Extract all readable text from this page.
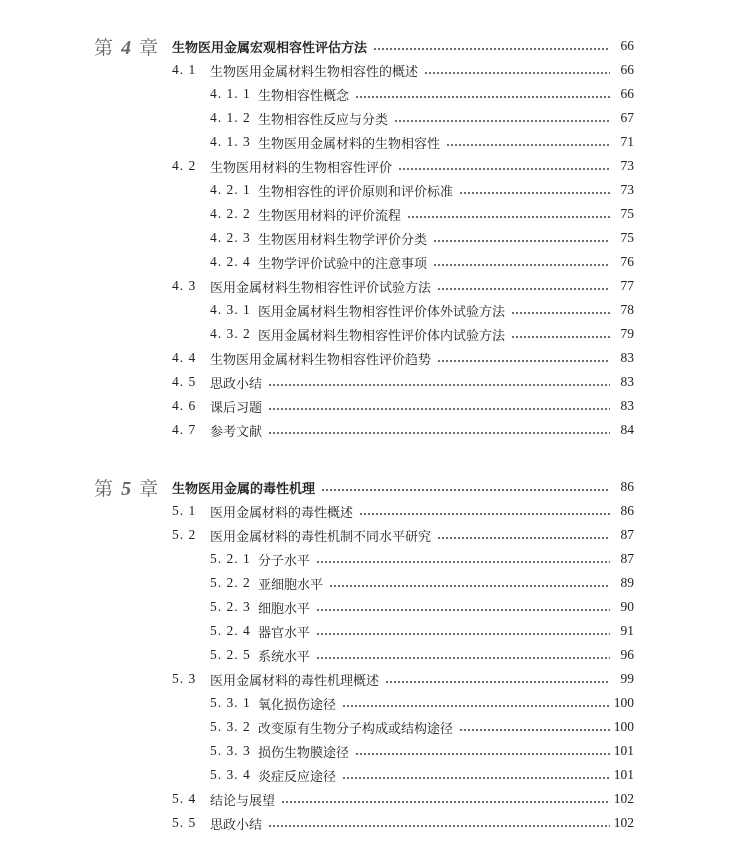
第 4 章 生物医用金属宏观相容性评估方法	66
4. 1 生物医用金属材料生物相容性的概述	66
4. 1. 1 生物相容性概念	66
4. 1. 2 生物相容性反应与分类	67
4. 1. 3 生物医用金属材料的生物相容性	71
4. 2 生物医用材料的生物相容性评价	73
4. 2. 1 生物相容性的评价原则和评价标准	73
4. 2. 2 生物医用材料的评价流程	75
4. 2. 3 生物医用材料生物学评价分类	75
4. 2. 4 生物学评价试验中的注意事项	76
4. 3 医用金属材料生物相容性评价试验方法	77
4. 3. 1 医用金属材料生物相容性评价体外试验方法	78
4. 3. 2 医用金属材料生物相容性评价体内试验方法	79
4. 4 生物医用金属材料生物相容性评价趋势	83
4. 5 思政小结	83
4. 6 课后习题	83
4. 7 参考文献	84
第 5 章 生物医用金属的毒性机理	86
5. 1 医用金属材料的毒性概述	86
5. 2 医用金属材料的毒性机制不同水平研究	87
5. 2. 1 分子水平	87
5. 2. 2 亚细胞水平	89
5. 2. 3 细胞水平	90
5. 2. 4 器官水平	91
5. 2. 5 系统水平	96
5. 3 医用金属材料的毒性机理概述	99
5. 3. 1 氧化损伤途径	100
5. 3. 2 改变原有生物分子构成或结构途径	100
5. 3. 3 损伤生物膜途径	101
5. 3. 4 炎症反应途径	101
5. 4 结论与展望	102
5. 5 思政小结	102
